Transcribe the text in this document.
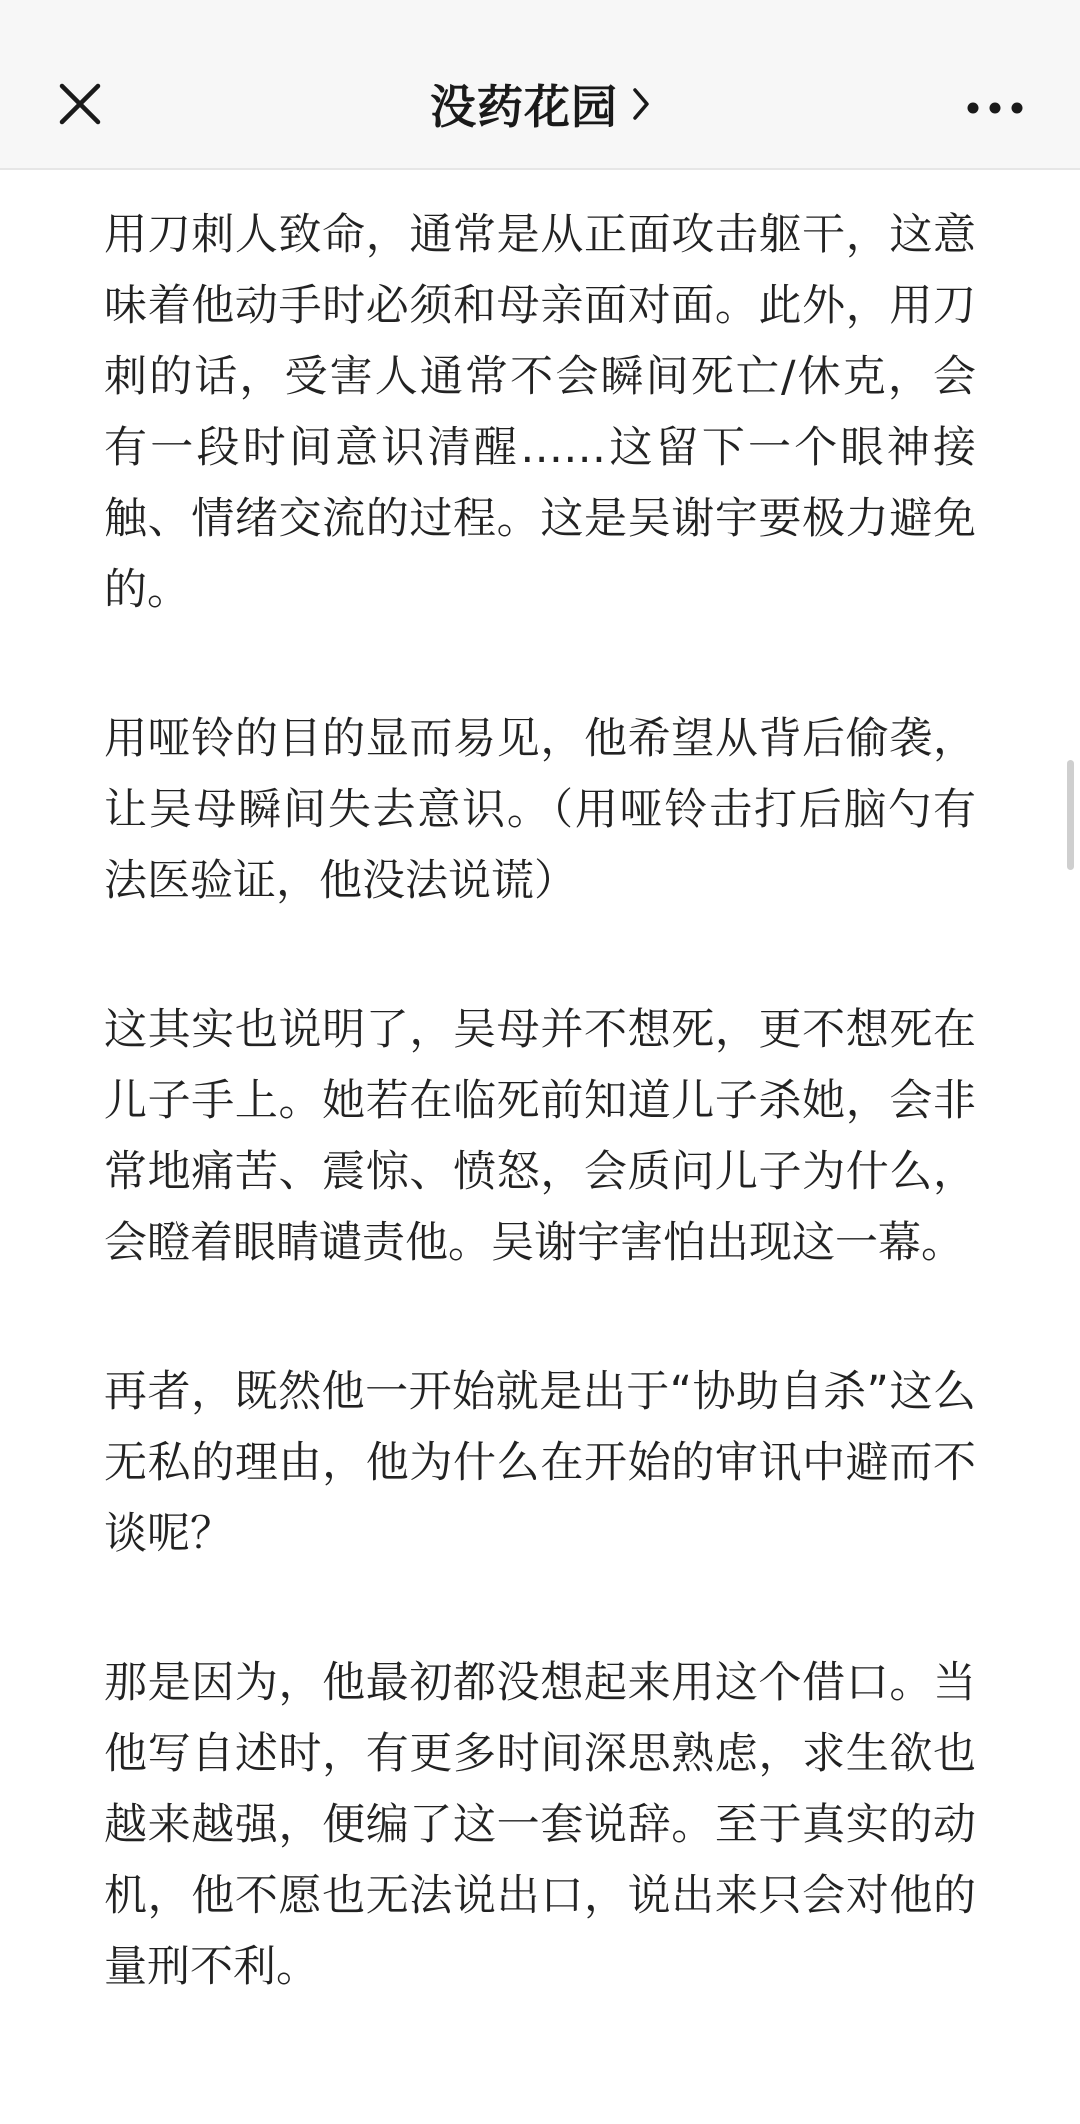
没药花园

用刀刺人致命，通常是从正面攻击躯干，这意味着他动手时必须和母亲面对面。此外，用刀刺的话，受害人通常不会瞬间死亡/休克，会有一段时间意识清醒……这留下一个眼神接触、情绪交流的过程。这是吴谢宇要极力避免的。

用哑铃的目的显而易见，他希望从背后偷袭，让吴母瞬间失去意识。（用哑铃击打后脑勺有法医验证，他没法说谎）

这其实也说明了，吴母并不想死，更不想死在儿子手上。她若在临死前知道儿子杀她，会非常地痛苦、震惊、愤怒，会质问儿子为什么，会瞪着眼睛谴责他。吴谢宇害怕出现这一幕。

再者，既然他一开始就是出于“协助自杀”这么无私的理由，他为什么在开始的审讯中避而不谈呢？

那是因为，他最初都没想起来用这个借口。当他写自述时，有更多时间深思熟虑，求生欲也越来越强，便编了这一套说辞。至于真实的动机，他不愿也无法说出口，说出来只会对他的量刑不利。
